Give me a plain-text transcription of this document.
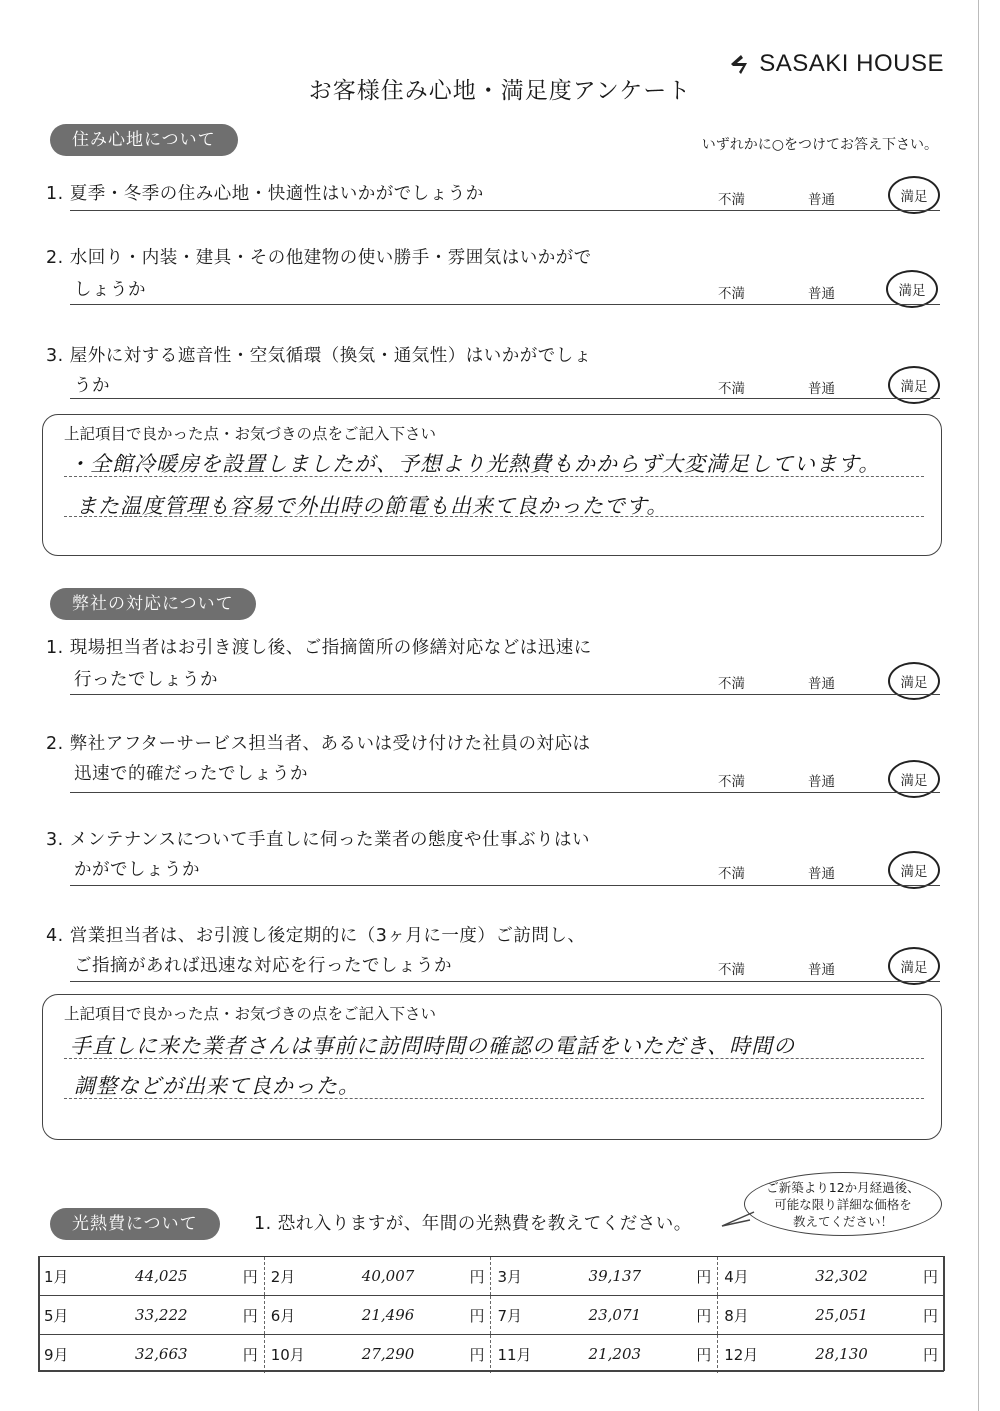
お客様住み心地・満足度アンケート
SASAKI HOUSE
住み心地について	いずれかに○をつけてお答え下さい。
1. 夏季・冬季の住み心地・快適性はいかがでしょうか	不満	普通	満足
2. 水回り・内装・建具・その他建物の使い勝手・雰囲気はいかがで
しょうか	不満	普通	満足
3. 屋外に対する遮音性・空気循環（換気・通気性）はいかがでしょ
うか	不満	普通	満足
上記項目で良かった点・お気づきの点をご記入下さい
・全館冷暖房を設置しましたが、予想より光熱費もかからず大変満足しています。
また温度管理も容易で外出時の節電も出来て良かったです。
弊社の対応について
1. 現場担当者はお引き渡し後、ご指摘箇所の修繕対応などは迅速に
行ったでしょうか	不満	普通	満足
2. 弊社アフターサービス担当者、あるいは受け付けた社員の対応は
迅速で的確だったでしょうか	不満	普通	満足
3. メンテナンスについて手直しに伺った業者の態度や仕事ぶりはい
かがでしょうか	不満	普通	満足
4. 営業担当者は、お引渡し後定期的に（3ヶ月に一度）ご訪問し、
ご指摘があれば迅速な対応を行ったでしょうか	不満	普通	満足
上記項目で良かった点・お気づきの点をご記入下さい
手直しに来た業者さんは事前に訪問時間の確認の電話をいただき、時間の
調整などが出来て良かった。
光熱費について	1. 恐れ入りますが、年間の光熱費を教えてください。
ご新築より12か月経過後、
可能な限り詳細な価格を
教えてください！
1月	44,025	円	2月	40,007	円	3月	39,137	円	4月	32,302	円
5月	33,222	円	6月	21,496	円	7月	23,071	円	8月	25,051	円
9月	32,663	円	10月	27,290	円	11月	21,203	円	12月	28,130	円
